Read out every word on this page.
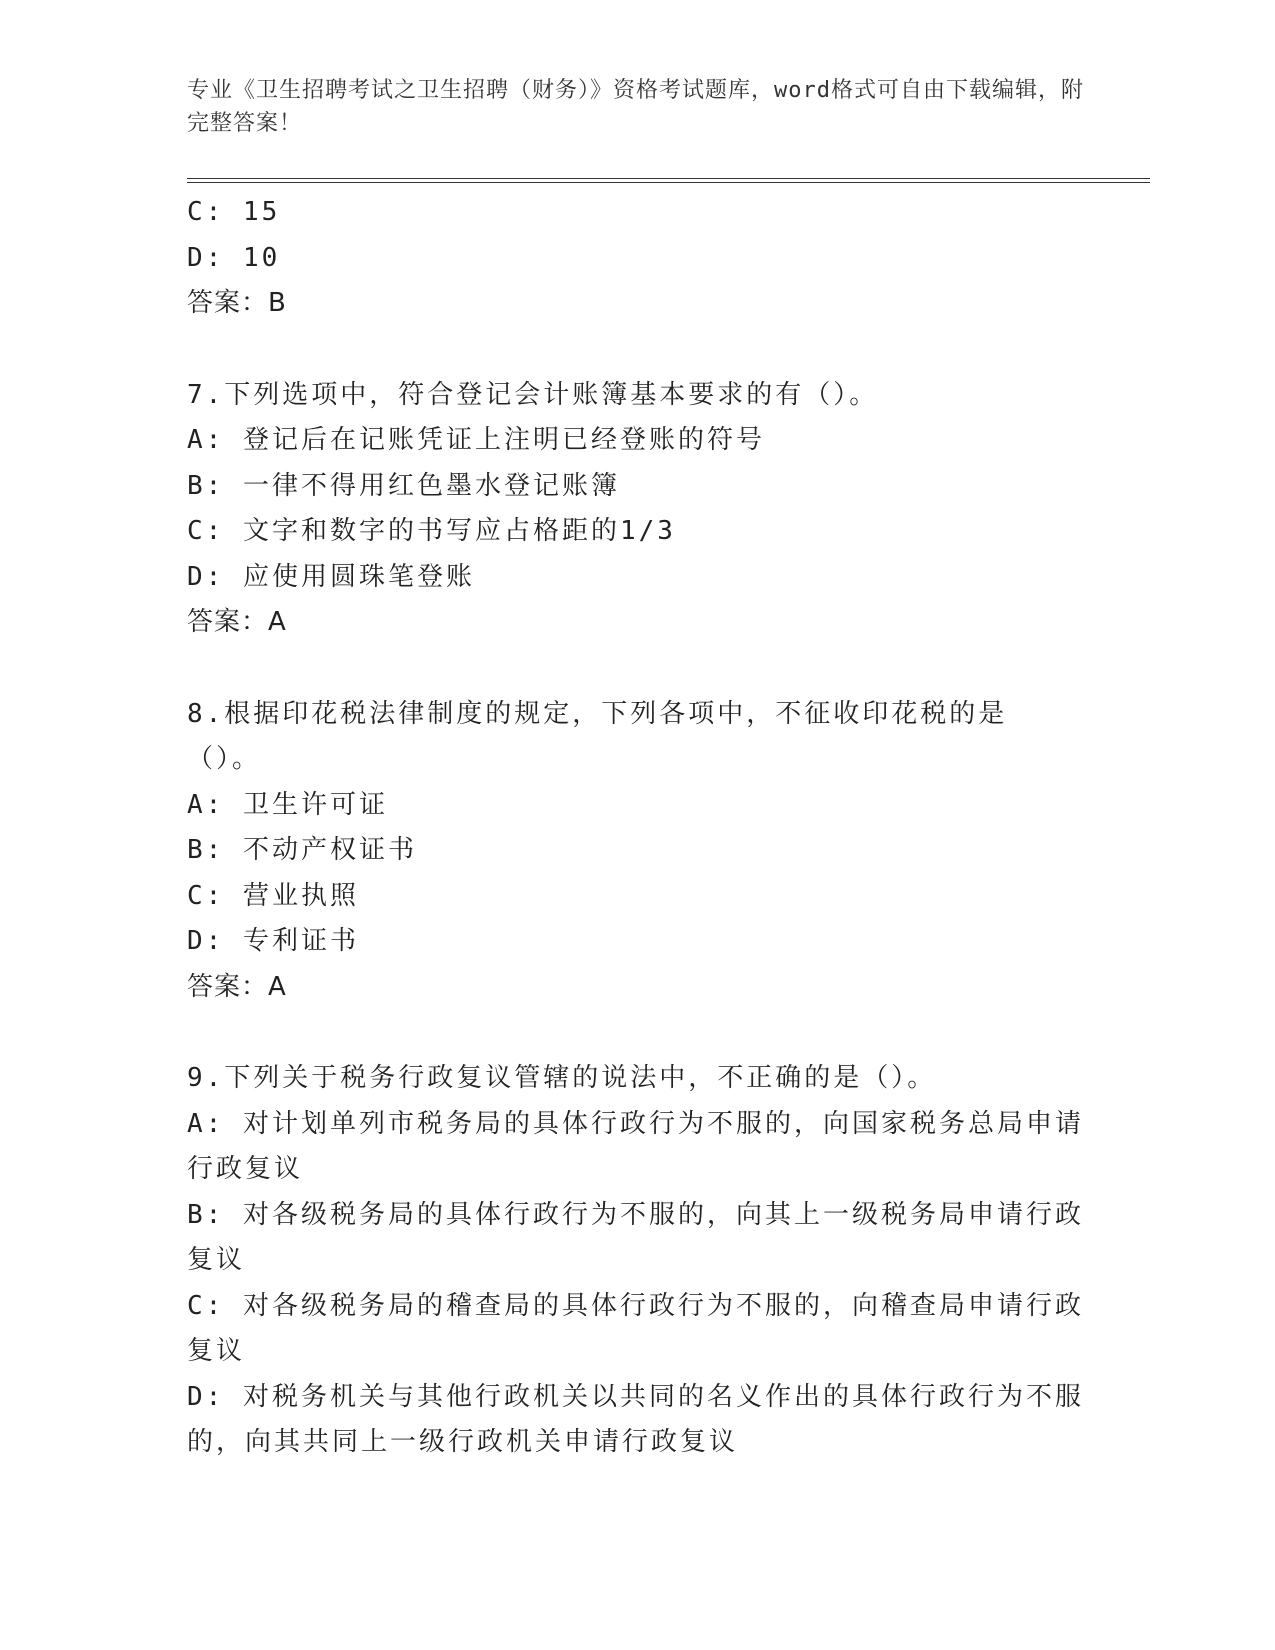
专业《卫生招聘考试之卫生招聘（财务）》资格考试题库，word格式可自由下载编辑，附完整答案！
C: 15
D: 10
答案：B
7.下列选项中，符合登记会计账簿基本要求的有（）。
A: 登记后在记账凭证上注明已经登账的符号
B: 一律不得用红色墨水登记账簿
C: 文字和数字的书写应占格距的1/3
D: 应使用圆珠笔登账
答案：A
8.根据印花税法律制度的规定，下列各项中，不征收印花税的是（）。
A: 卫生许可证
B: 不动产权证书
C: 营业执照
D: 专利证书
答案：A
9.下列关于税务行政复议管辖的说法中，不正确的是（）。
A: 对计划单列市税务局的具体行政行为不服的，向国家税务总局申请行政复议
B: 对各级税务局的具体行政行为不服的，向其上一级税务局申请行政复议
C: 对各级税务局的稽查局的具体行政行为不服的，向稽查局申请行政复议
D: 对税务机关与其他行政机关以共同的名义作出的具体行政行为不服的，向其共同上一级行政机关申请行政复议
